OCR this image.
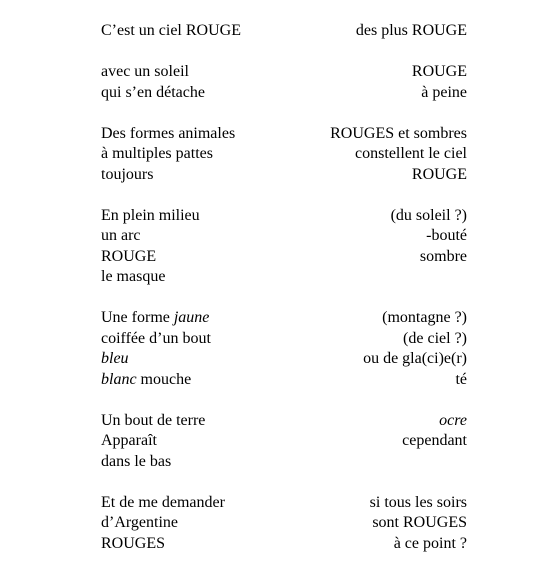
C’est un ciel ROUGE	des plus ROUGE
avec un soleil	ROUGE
qui s’en détache	à peine
Des formes animales	ROUGES et sombres
à multiples pattes	constellent le ciel
toujours	ROUGE
En plein milieu	(du soleil ?)
un arc	-bouté
ROUGE	sombre
le masque
Une forme jaune	(montagne ?)
coiffée d’un bout	(de ciel ?)
bleu	ou de gla(ci)e(r)
blanc mouche	té
Un bout de terre	ocre
Apparaît	cependant
dans le bas
Et de me demander	si tous les soirs
d’Argentine	sont ROUGES
ROUGES	à ce point ?
